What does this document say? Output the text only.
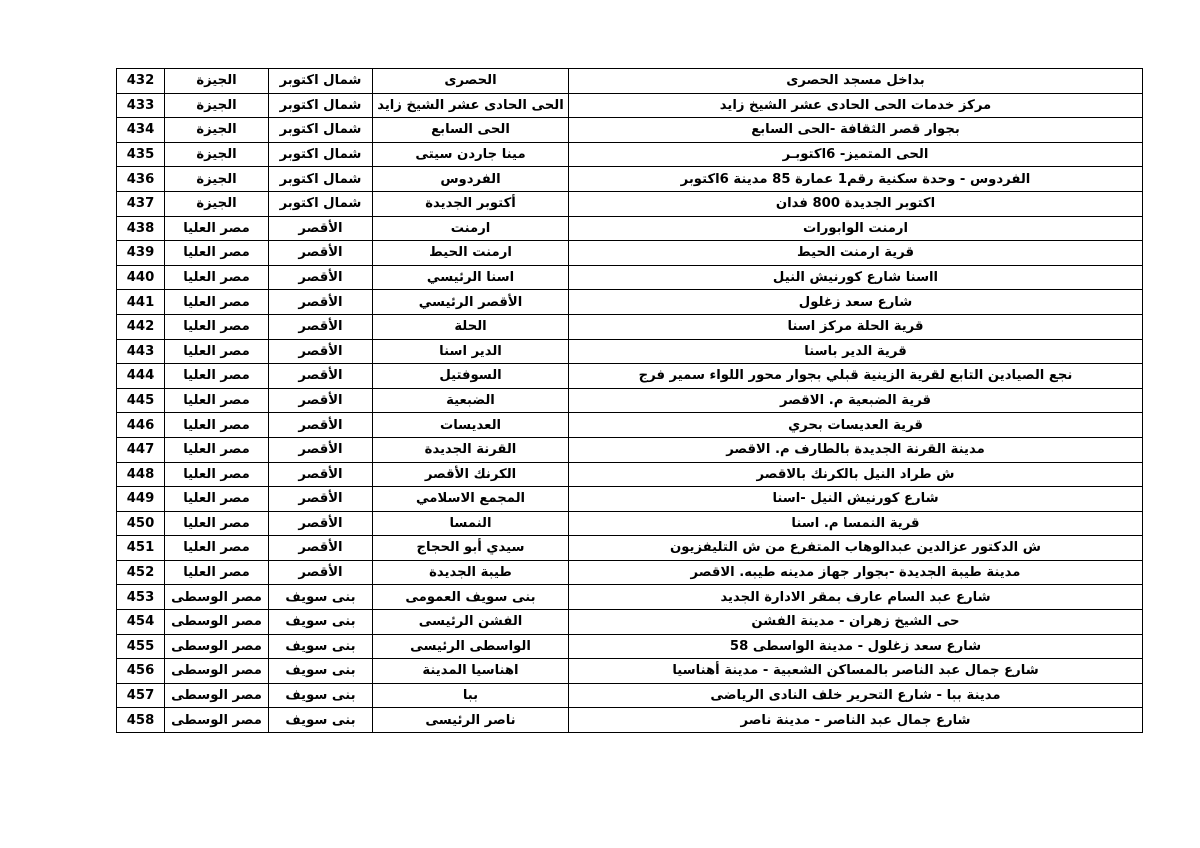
بداخل مسجد الحصرى	الحصرى	شمال اكتوبر	الجيزة	432
مركز خدمات الحى الحادى عشر الشيخ زايد	الحى الحادى عشر الشيخ زايد	شمال اكتوبر	الجيزة	433
بجوار قصر الثقافة -الحى السابع	الحى السابع	شمال اكتوبر	الجيزة	434
الحى المتميز- 6اكتوبـر	مينا جاردن سيتى	شمال اكتوبر	الجيزة	435
الفردوس - وحدة سكنية رقم1 عمارة 85 مدينة 6اكتوبر	الفردوس	شمال اكتوبر	الجيزة	436
اكتوبر الجديدة 800 فدان	أكتوبر الجديدة	شمال اكتوبر	الجيزة	437
ارمنت الوابورات	ارمنت	الأقصر	مصر العليا	438
قرية ارمنت الحيط	ارمنت الحيط	الأقصر	مصر العليا	439
ااسنا شارع كورنيش النيل	اسنا الرئيسي	الأقصر	مصر العليا	440
شارع سعد زغلول	الأقصر الرئيسي	الأقصر	مصر العليا	441
قرية الحلة مركز اسنا	الحلة	الأقصر	مصر العليا	442
قرية الدير باسنا	الدير اسنا	الأقصر	مصر العليا	443
نجع الصيادين التابع لقرية الزينية قبلي بجوار محور اللواء سمير فرج	السوفتيل	الأقصر	مصر العليا	444
قرية الضبعية م. الاقصر	الضبعية	الأقصر	مصر العليا	445
قرية العديسات بحري	العديسات	الأقصر	مصر العليا	446
مدينة القرنة الجديدة بالطارف م. الاقصر	القرنة الجديدة	الأقصر	مصر العليا	447
ش طراد النيل بالكرنك بالاقصر	الكرنك الأقصر	الأقصر	مصر العليا	448
شارع كورنيش النيل -اسنا	المجمع الاسلامي	الأقصر	مصر العليا	449
قرية النمسا م. اسنا	النمسا	الأقصر	مصر العليا	450
ش الدكتور عزالدين عبدالوهاب المتفرع من ش التليفزيون	سيدي أبو الحجاج	الأقصر	مصر العليا	451
مدينة طيبة الجديدة -بجوار جهاز مدينه طيبه. الاقصر	طيبة الجديدة	الأقصر	مصر العليا	452
شارع عبد السام عارف بمقر الادارة الجديد	بنى سويف العمومى	بنى سويف	مصر الوسطى	453
حى الشيخ زهران - مدينة الفشن	الفشن الرئيسى	بنى سويف	مصر الوسطى	454
شارع سعد زغلول - مدينة الواسطى 58	الواسطى الرئيسى	بنى سويف	مصر الوسطى	455
شارع جمال عبد الناصر بالمساكن الشعبية - مدينة أهناسيا	اهناسيا المدينة	بنى سويف	مصر الوسطى	456
مدينة ببا - شارع التحرير خلف النادى الرياضى	ببا	بنى سويف	مصر الوسطى	457
شارع جمال عبد الناصر - مدينة ناصر	ناصر الرئيسى	بنى سويف	مصر الوسطى	458
